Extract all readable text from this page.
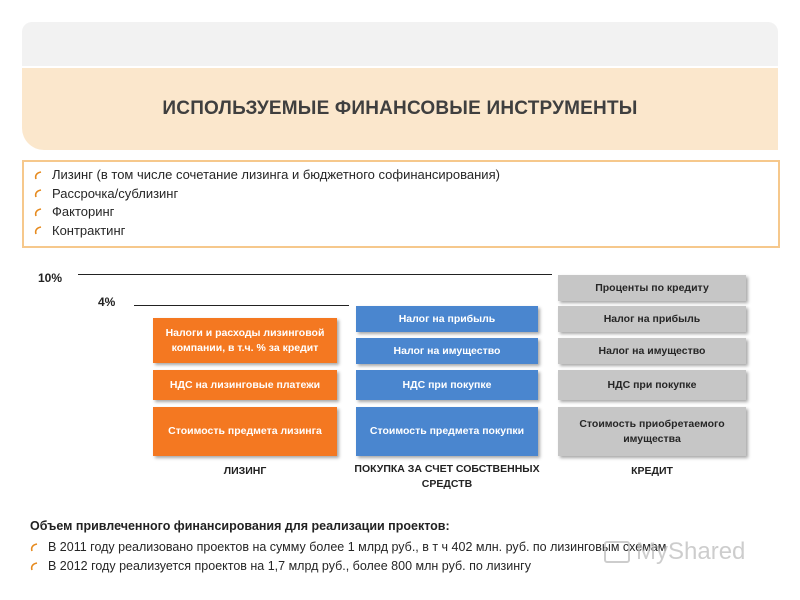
ИСПОЛЬЗУЕМЫЕ ФИНАНСОВЫЕ ИНСТРУМЕНТЫ
Лизинг (в том числе сочетание лизинга и бюджетного софинансирования)
Рассрочка/сублизинг
Факторинг
Контрактинг
10%
4%
Налоги и расходы лизинговой компании, в т.ч. % за кредит
НДС на лизинговые платежи
Стоимость предмета лизинга
ЛИЗИНГ
Налог на прибыль
Налог на имущество
НДС при покупке
Стоимость предмета покупки
ПОКУПКА ЗА СЧЕТ СОБСТВЕННЫХ СРЕДСТВ
Проценты по кредиту
Налог на прибыль
Налог на имущество
НДС при покупке
Стоимость приобретаемого имущества
КРЕДИТ
Объем привлеченного финансирования для реализации проектов:
В 2011 году реализовано проектов на сумму более 1 млрд руб., в т ч 402 млн. руб. по лизинговым схемам
В 2012 году реализуется проектов на 1,7 млрд руб., более 800 млн руб. по лизингу
MyShared
